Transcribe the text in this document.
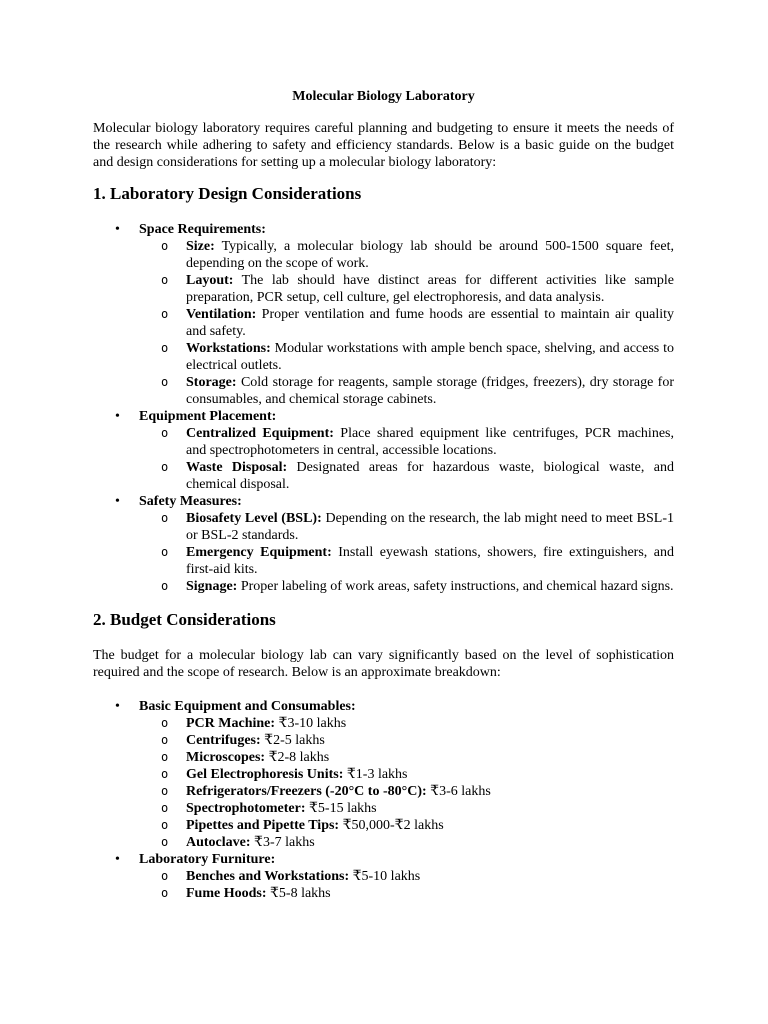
Molecular Biology Laboratory

Molecular biology laboratory requires careful planning and budgeting to ensure it meets the needs of the research while adhering to safety and efficiency standards. Below is a basic guide on the budget and design considerations for setting up a molecular biology laboratory:

1. Laboratory Design Considerations
• Space Requirements:
o Size: Typically, a molecular biology lab should be around 500-1500 square feet, depending on the scope of work.
o Layout: The lab should have distinct areas for different activities like sample preparation, PCR setup, cell culture, gel electrophoresis, and data analysis.
o Ventilation: Proper ventilation and fume hoods are essential to maintain air quality and safety.
o Workstations: Modular workstations with ample bench space, shelving, and access to electrical outlets.
o Storage: Cold storage for reagents, sample storage (fridges, freezers), dry storage for consumables, and chemical storage cabinets.
• Equipment Placement:
o Centralized Equipment: Place shared equipment like centrifuges, PCR machines, and spectrophotometers in central, accessible locations.
o Waste Disposal: Designated areas for hazardous waste, biological waste, and chemical disposal.
• Safety Measures:
o Biosafety Level (BSL): Depending on the research, the lab might need to meet BSL-1 or BSL-2 standards.
o Emergency Equipment: Install eyewash stations, showers, fire extinguishers, and first-aid kits.
o Signage: Proper labeling of work areas, safety instructions, and chemical hazard signs.
2. Budget Considerations

The budget for a molecular biology lab can vary significantly based on the level of sophistication required and the scope of research. Below is an approximate breakdown:

• Basic Equipment and Consumables:
o PCR Machine: ₹3-10 lakhs
o Centrifuges: ₹2-5 lakhs
o Microscopes: ₹2-8 lakhs
o Gel Electrophoresis Units: ₹1-3 lakhs
o Refrigerators/Freezers (-20°C to -80°C): ₹3-6 lakhs
o Spectrophotometer: ₹5-15 lakhs
o Pipettes and Pipette Tips: ₹50,000-₹2 lakhs
o Autoclave: ₹3-7 lakhs
• Laboratory Furniture:
o Benches and Workstations: ₹5-10 lakhs
o Fume Hoods: ₹5-8 lakhs
